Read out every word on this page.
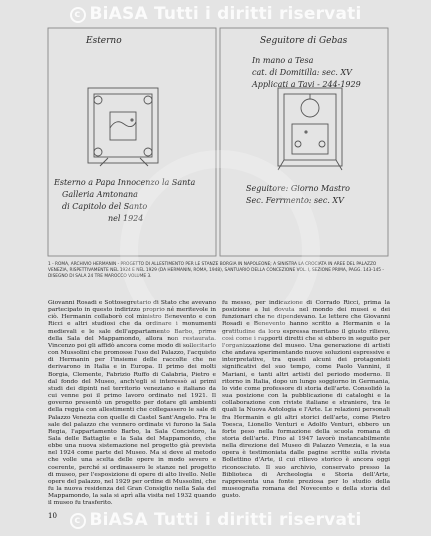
c BiASA Tutti i diritti riservati
Esterno	Seguitore di Gebas
In mano a Tesa
cat. di Domitilla: sec. XV
Applicati a Tavi - 244-1929
Esterno a Papa Innocenzo la Santa
Galleria Amtonana
di Capitolo del Santo
nel 1924
Seguitore: Giorno Mastro
Sec. Ferrmento: sec. XV
1 - ROMA, ARCHIVIO HERMANIN - PROGETTO DI ALLESTIMENTO PER LE STANZE BORGIA IN NAPOLEONE; A SINISTRA LA CROCIATA IN AREE DEL PALAZZO VENEZIA, RISPETTIVAMENTE NEL 1924 E NEL 1929 (DA HERMANIN, ROMA, 1948), SANTUARIO DELLA CONCEZIONE VOL. I, SEZIONE PRIMA, PAGG. 143-145 - DISEGNO DI SALA 24 TRE MAROCCO VOLUME 3.
Giovanni Rosadi e Sottosegretario di Stato che avevano partecipato in questo indirizzo proprio né meritevole in ciò. Hermanin collaborò col ministro Benevento e con Ricci e altri studiosi che da ordinare i monumenti medievali e le sale dell'appartamento Barbo, prima della Sala del Mappamondo, allora non restaurata. Vincenzo poi gli affidò ancora come modo di sollecitarlo con Mussolini che promosse l'uso del Palazzo, l'acquisto di Hermanin per l'insieme delle raccolte che ne derivarono in Italia e in Europa. Il primo dei molti Borgia, Clemente, Fabrizio Ruffo di Calabria, Pietro e dal fondo del Museo, anch'egli si interessò ai primi studi dei dipinti nel territorio veneziano e italiano da cui venne poi il primo lavoro ordinato nel 1921. Il governo presentò un progetto per dotare gli ambienti della reggia con allestimenti che collegassero le sale di Palazzo Venezia con quelle di Castel Sant'Angelo. Fra le sale del palazzo che vennero ordinate vi furono la Sala Regia, l'appartamento Barbo, la Sala Concistoro, la Sala delle Battaglie e la Sala del Mappamondo, che ebbe una nuova sistemazione nel progetto già prevista nel 1924 come parte del Museo. Ma si deve al metodo che volle una scelta delle opere in modo severo e coerente, perché si ordinassero le stanze nel progetto di museo, per l'esposizione di opere di alto livello. Nelle opere del palazzo, nel 1929 per ordine di Mussolini, che fu la nuova residenza del Gran Consiglio nella Sala del Mappamondo, la sala si aprì alla visita nel 1932 quando il museo fu trasferito.
fu messo, per indicazione di Corrado Ricci, prima la posizione a lui dovuta nel mondo dei musei e dei funzionari che ne dipendevano. Le lettere che Giovanni Rosadi e Benevento hanno scritto a Hermanin e la gratitudine da loro espressa meritano il giusto rilievo, così come i rapporti diretti che si ebbero in seguito per l'organizzazione del museo. Una generazione di artisti che andava sperimentando nuove soluzioni espressive e interpretative, tra questi alcuni dei protagonisti significativi del suo tempo, come Paolo Vannini, il Mariani, e tanti altri artisti del periodo moderno. Il ritorno in Italia, dopo un lungo soggiorno in Germania, lo vide come professore di storia dell'arte. Consolidò la sua posizione con la pubblicazione di cataloghi e la collaborazione con riviste italiane e straniere, tra le quali la Nuova Antologia e l'Arte. Le relazioni personali fra Hermanin e gli altri storici dell'arte, come Pietro Toesca, Lionello Venturi e Adolfo Venturi, ebbero un forte peso nella formazione della scuola romana di storia dell'arte. Fino al 1947 lavorò instancabilmente nella direzione del Museo di Palazzo Venezia, e la sua opera è testimoniata dalle pagine scritte sulla rivista Bollettino d'Arte, il cui rilievo storico è ancora oggi riconosciuto. Il suo archivio, conservato presso la Biblioteca di Archeologia e Storia dell'Arte, rappresenta una fonte preziosa per lo studio della museografia romana del Novecento e della storia del gusto.
10	c BiASA Tutti i diritti riservati
